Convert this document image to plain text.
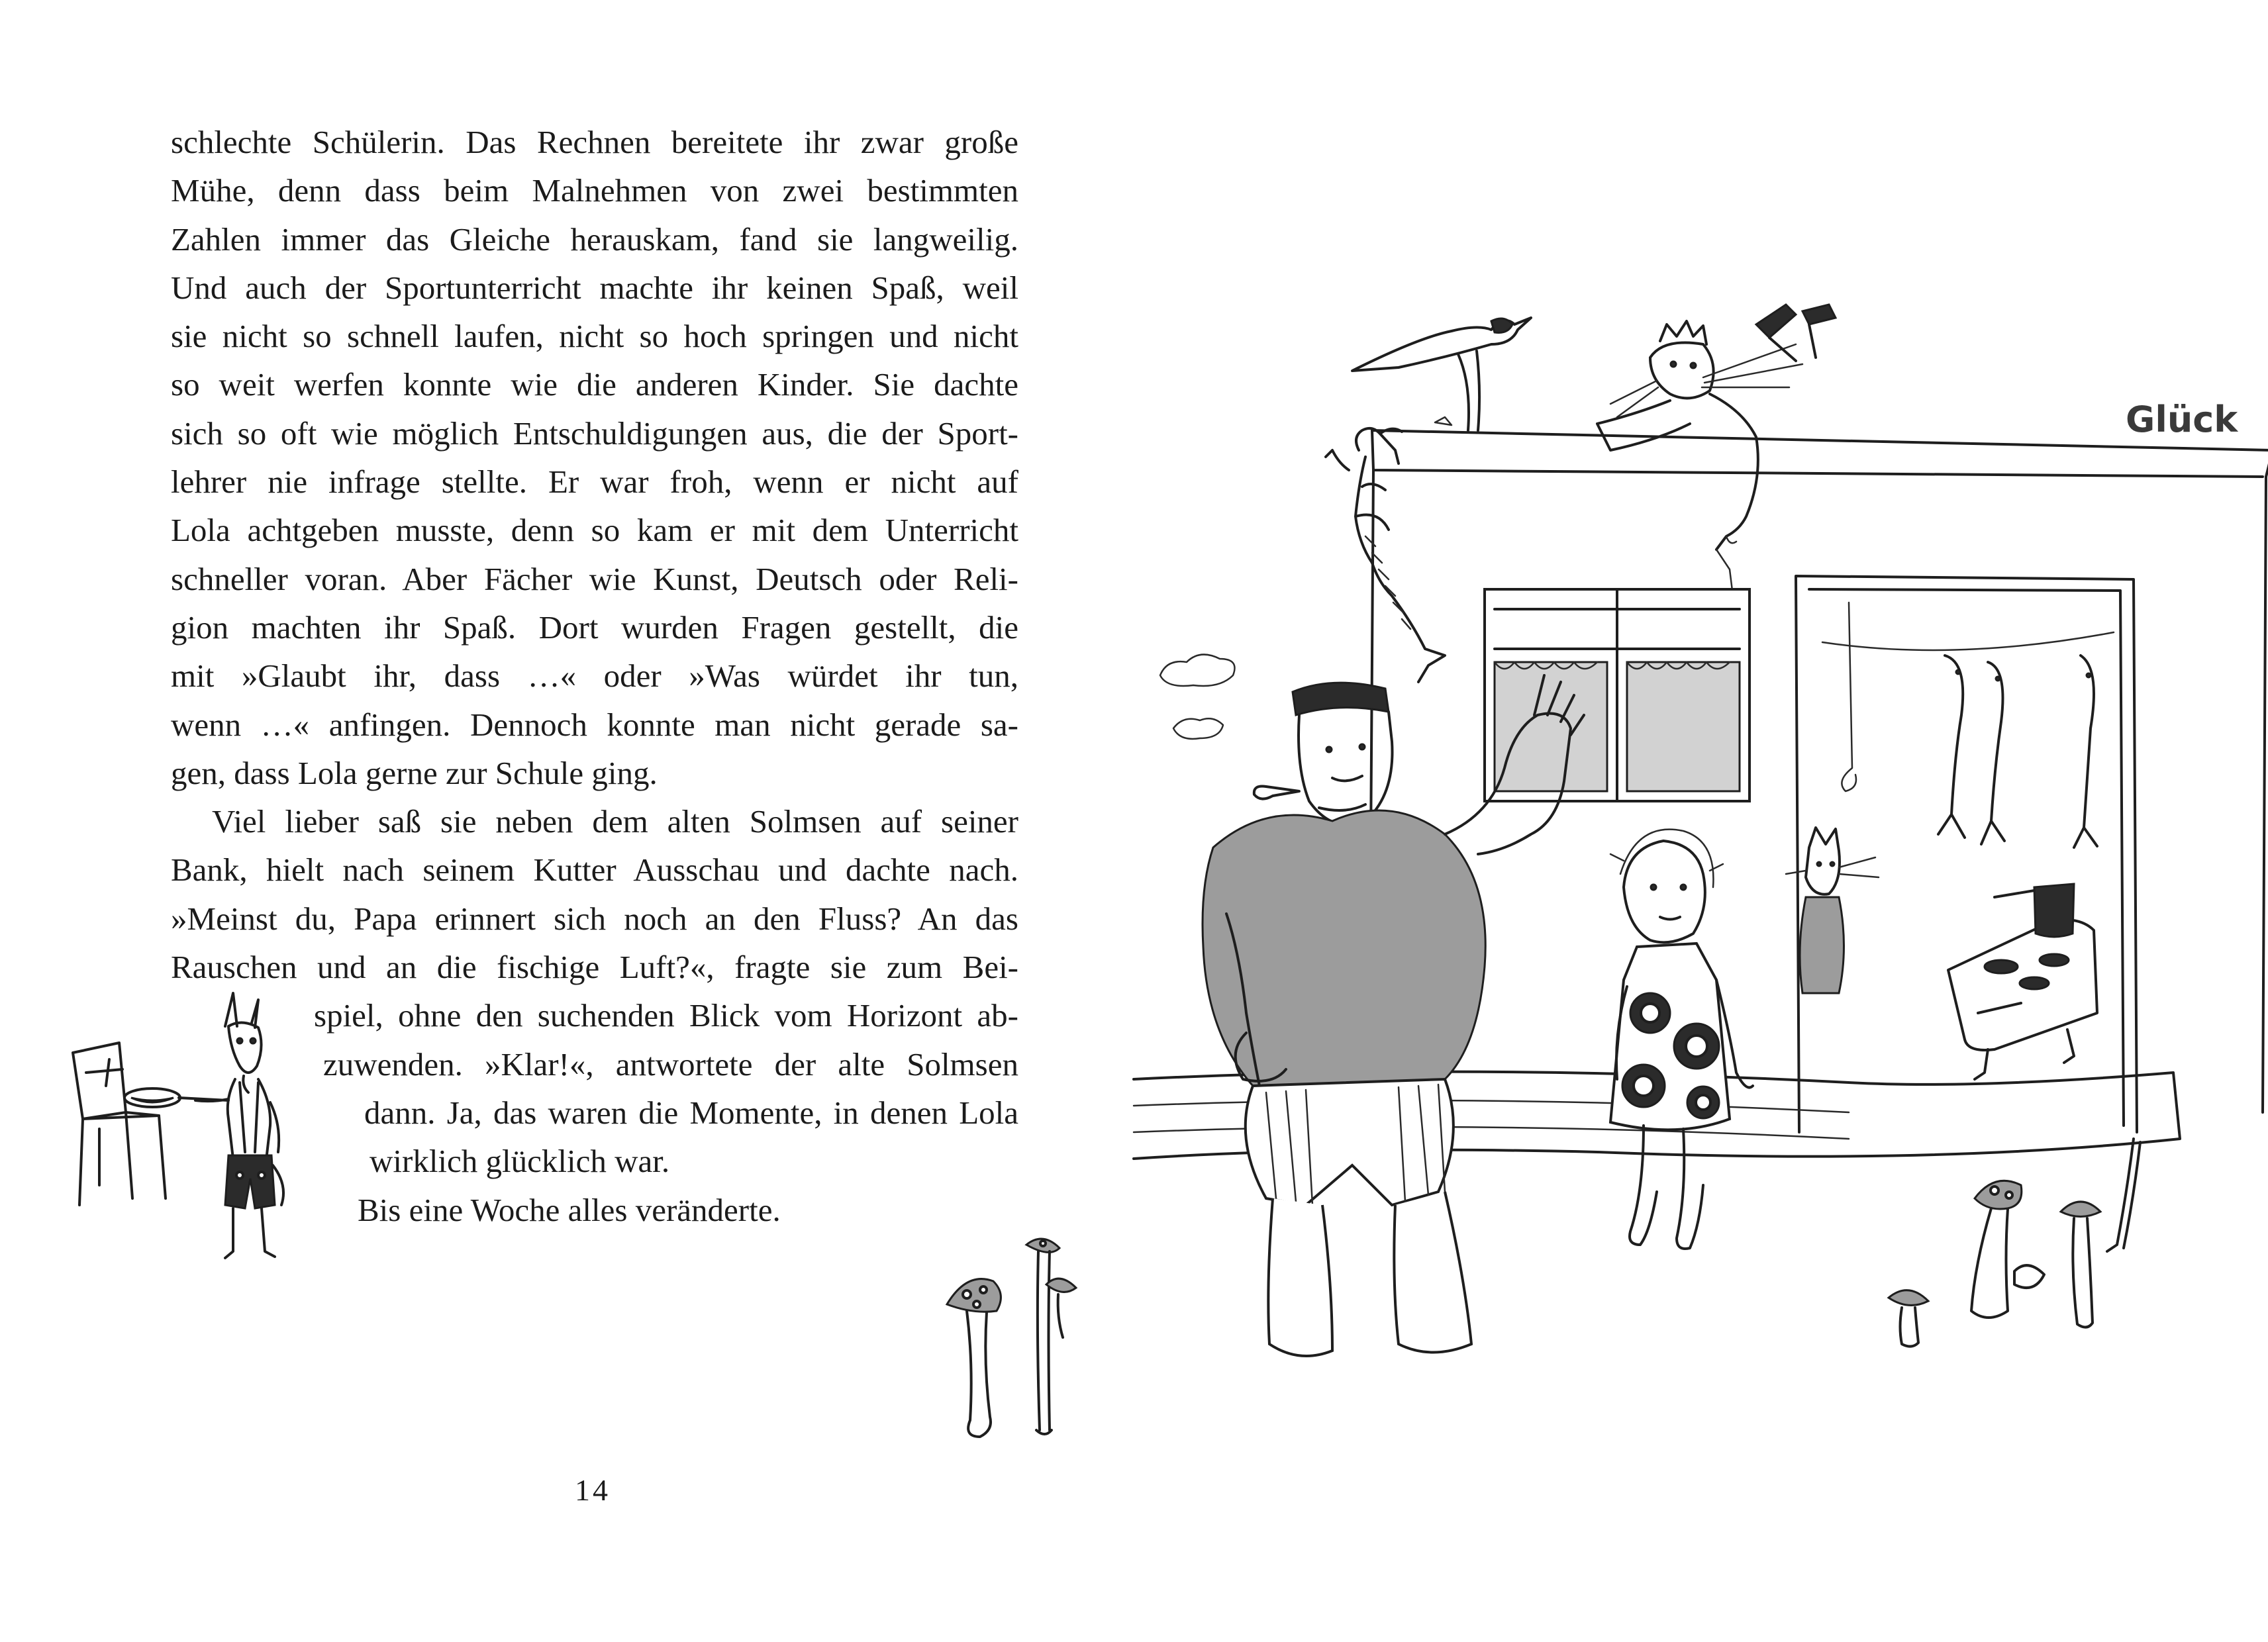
schlechte Schülerin. Das Rechnen bereitete ihr zwar große
Mühe, denn dass beim Malnehmen von zwei bestimmten
Zahlen immer das Gleiche herauskam, fand sie langweilig.
Und auch der Sportunterricht machte ihr keinen Spaß, weil
sie nicht so schnell laufen, nicht so hoch springen und nicht
so weit werfen konnte wie die anderen Kinder. Sie dachte
sich so oft wie möglich Entschuldigungen aus, die der Sport-
lehrer nie infrage stellte. Er war froh, wenn er nicht auf
Lola achtgeben musste, denn so kam er mit dem Unterricht
schneller voran. Aber Fächer wie Kunst, Deutsch oder Reli-
gion machten ihr Spaß. Dort wurden Fragen gestellt, die
mit »Glaubt ihr, dass …« oder »Was würdet ihr tun,
wenn …« anfingen. Dennoch konnte man nicht gerade sa-
gen, dass Lola gerne zur Schule ging.
Viel lieber saß sie neben dem alten Solmsen auf seiner
Bank, hielt nach seinem Kutter Ausschau und dachte nach.
»Meinst du, Papa erinnert sich noch an den Fluss? An das
Rauschen und an die fischige Luft?«, fragte sie zum Bei-
spiel, ohne den suchenden Blick vom Horizont ab-
zuwenden. »Klar!«, antwortete der alte Solmsen
dann. Ja, das waren die Momente, in denen Lola
wirklich glücklich war.
Bis eine Woche alles veränderte.
14
Glück
